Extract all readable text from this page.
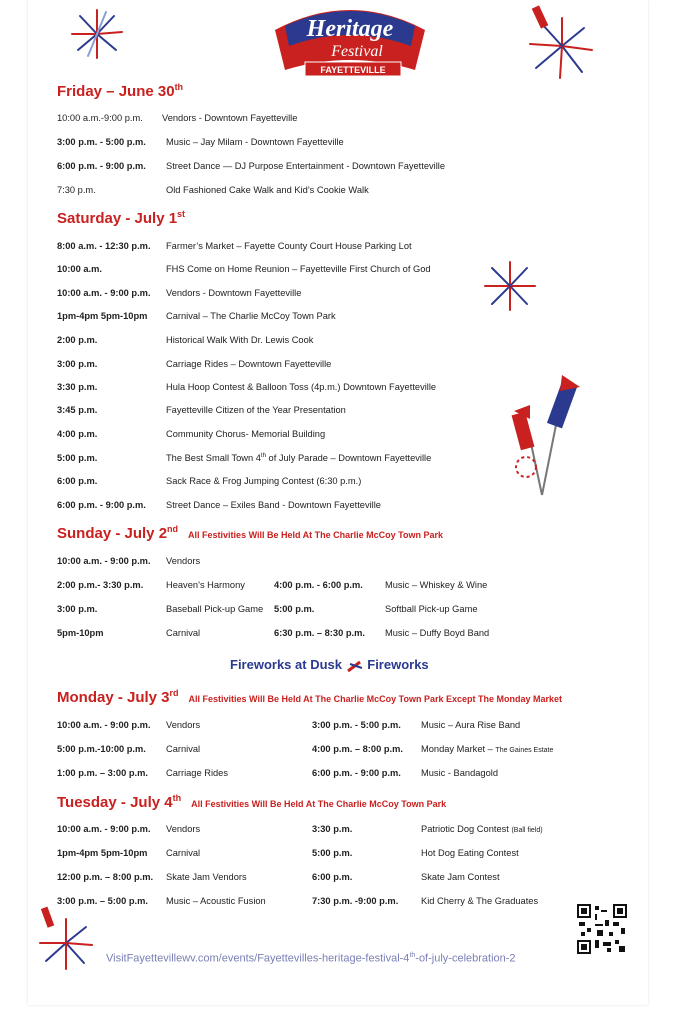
Heritage
Festival
FAYETTEVILLE
Friday – June 30th
10:00 a.m.-9:00 p.m. Vendors - Downtown Fayetteville
3:00 p.m. - 5:00 p.m. Music – Jay Milam - Downtown Fayetteville
6:00 p.m. - 9:00 p.m. Street Dance — DJ Purpose Entertainment - Downtown Fayetteville
7:30 p.m.	Old Fashioned Cake Walk and Kid’s Cookie Walk
Saturday - July 1st
8:00 a.m. - 12:30 p.m. Farmer’s Market – Fayette County Court House Parking Lot
10:00 a.m.	FHS Come on Home Reunion – Fayetteville First Church of God
10:00 a.m. - 9:00 p.m. Vendors - Downtown Fayetteville
1pm-4pm 5pm-10pm Carnival – The Charlie McCoy Town Park
2:00 p.m.	Historical Walk With Dr. Lewis Cook
3:00 p.m.	Carriage Rides – Downtown Fayetteville
3:30 p.m.	Hula Hoop Contest & Balloon Toss (4p.m.) Downtown Fayetteville
3:45 p.m.	Fayetteville Citizen of the Year Presentation
4:00 p.m.	Community Chorus- Memorial Building
5:00 p.m.	The Best Small Town 4th of July Parade – Downtown Fayetteville
6:00 p.m.	Sack Race & Frog Jumping Contest (6:30 p.m.)
6:00 p.m. - 9:00 p.m. Street Dance – Exiles Band - Downtown Fayetteville
Sunday - July 2ndAll Festivities Will Be Held At The Charlie McCoy Town Park
10:00 a.m. - 9:00 p.m. Vendors
2:00 p.m.- 3:30 p.m. Heaven’s Harmony	4:00 p.m. - 6:00 p.m. Music – Whiskey & Wine
3:00 p.m.	Baseball Pick-up Game 5:00 p.m.	Softball Pick-up Game
5pm-10pm	Carnival	6:30 p.m. – 8:30 p.m. Music – Duffy Boyd Band
Fireworks at Dusk Fireworks
Monday - July 3rdAll Festivities Will Be Held At The Charlie McCoy Town Park Except The Monday Market
10:00 a.m. - 9:00 p.m. Vendors	3:00 p.m. - 5:00 p.m. Music – Aura Rise Band
5:00 p.m.-10:00 p.m. Carnival	4:00 p.m. – 8:00 p.m. Monday Market – The Gaines Estate
1:00 p.m. – 3:00 p.m. Carriage Rides	6:00 p.m. - 9:00 p.m. Music - Bandagold
Tuesday - July 4thAll Festivities Will Be Held At The Charlie McCoy Town Park
10:00 a.m. - 9:00 p.m. Vendors	3:30 p.m.	Patriotic Dog Contest (Ball field)
1pm-4pm 5pm-10pm Carnival	5:00 p.m.	Hot Dog Eating Contest
12:00 p.m. – 8:00 p.m. Skate Jam Vendors	6:00 p.m.	Skate Jam Contest
3:00 p.m. – 5:00 p.m. Music – Acoustic Fusion	7:30 p.m. -9:00 p.m. Kid Cherry & The Graduates
VisitFayettevillewv.com/events/Fayettevilles-heritage-festival-4th-of-july-celebration-2
